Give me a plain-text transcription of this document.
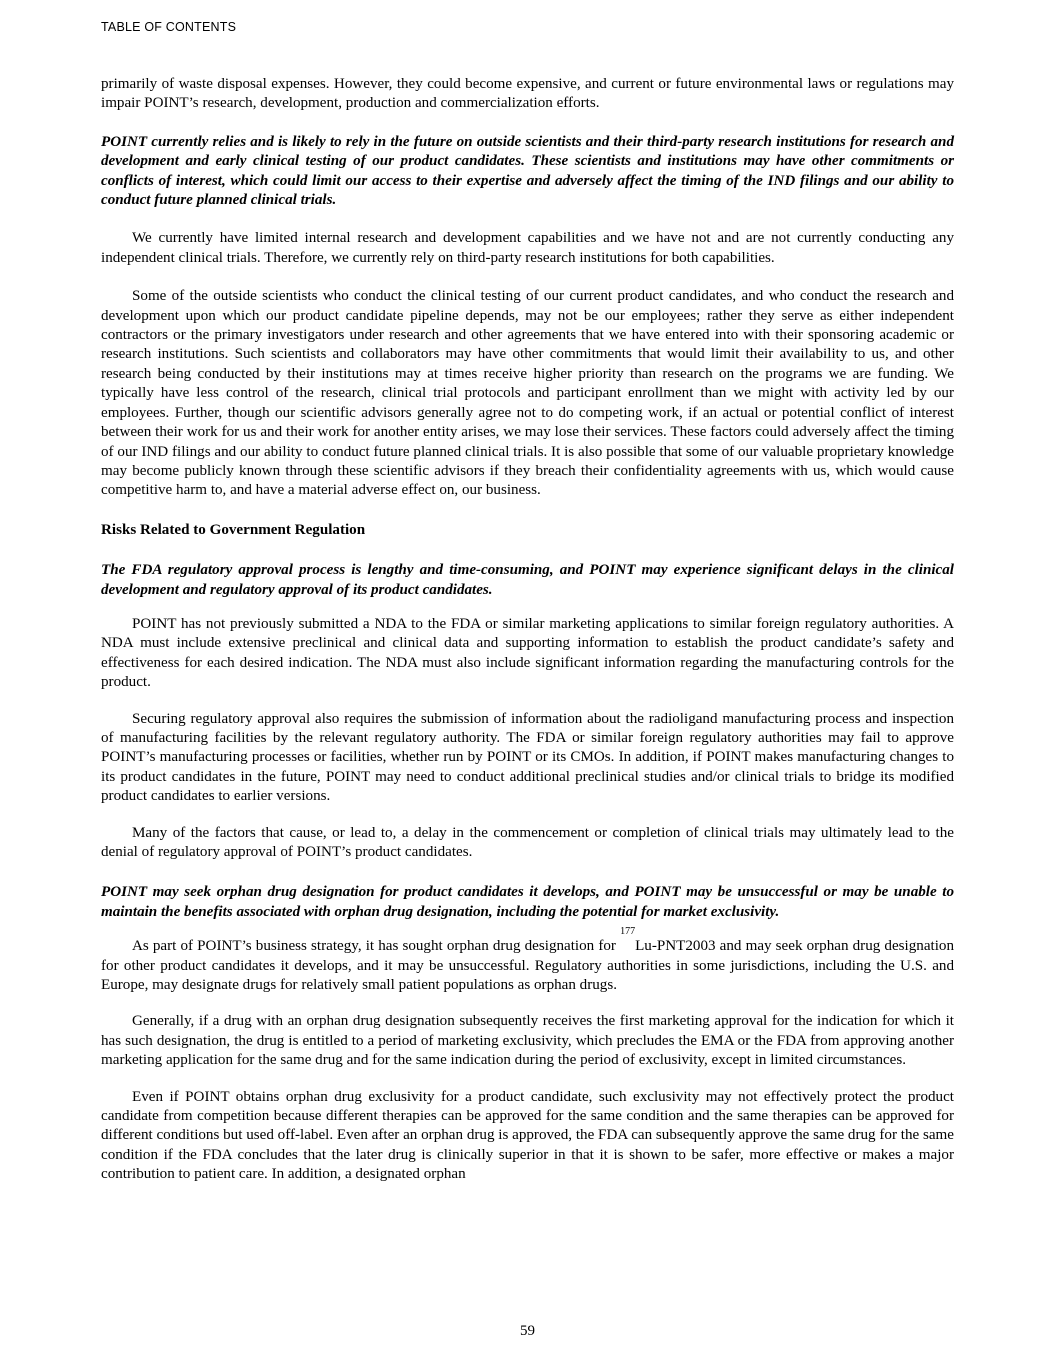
TABLE OF CONTENTS

primarily of waste disposal expenses. However, they could become expensive, and current or future environmental laws or regulations may impair POINT’s research, development, production and commercialization efforts.

POINT currently relies and is likely to rely in the future on outside scientists and their third-party research institutions for research and development and early clinical testing of our product candidates. These scientists and institutions may have other commitments or conflicts of interest, which could limit our access to their expertise and adversely affect the timing of the IND filings and our ability to conduct future planned clinical trials.

We currently have limited internal research and development capabilities and we have not and are not currently conducting any independent clinical trials. Therefore, we currently rely on third-party research institutions for both capabilities.

Some of the outside scientists who conduct the clinical testing of our current product candidates, and who conduct the research and development upon which our product candidate pipeline depends, may not be our employees; rather they serve as either independent contractors or the primary investigators under research and other agreements that we have entered into with their sponsoring academic or research institutions. Such scientists and collaborators may have other commitments that would limit their availability to us, and other research being conducted by their institutions may at times receive higher priority than research on the programs we are funding. We typically have less control of the research, clinical trial protocols and participant enrollment than we might with activity led by our employees. Further, though our scientific advisors generally agree not to do competing work, if an actual or potential conflict of interest between their work for us and their work for another entity arises, we may lose their services. These factors could adversely affect the timing of our IND filings and our ability to conduct future planned clinical trials. It is also possible that some of our valuable proprietary knowledge may become publicly known through these scientific advisors if they breach their confidentiality agreements with us, which would cause competitive harm to, and have a material adverse effect on, our business.

Risks Related to Government Regulation

The FDA regulatory approval process is lengthy and time-consuming, and POINT may experience significant delays in the clinical development and regulatory approval of its product candidates.

POINT has not previously submitted a NDA to the FDA or similar marketing applications to similar foreign regulatory authorities. A NDA must include extensive preclinical and clinical data and supporting information to establish the product candidate’s safety and effectiveness for each desired indication. The NDA must also include significant information regarding the manufacturing controls for the product.

Securing regulatory approval also requires the submission of information about the radioligand manufacturing process and inspection of manufacturing facilities by the relevant regulatory authority. The FDA or similar foreign regulatory authorities may fail to approve POINT’s manufacturing processes or facilities, whether run by POINT or its CMOs. In addition, if POINT makes manufacturing changes to its product candidates in the future, POINT may need to conduct additional preclinical studies and/or clinical trials to bridge its modified product candidates to earlier versions.

Many of the factors that cause, or lead to, a delay in the commencement or completion of clinical trials may ultimately lead to the denial of regulatory approval of POINT’s product candidates.

POINT may seek orphan drug designation for product candidates it develops, and POINT may be unsuccessful or may be unable to maintain the benefits associated with orphan drug designation, including the potential for market exclusivity.

As part of POINT’s business strategy, it has sought orphan drug designation for $^{177}$Lu-PNT2003 and may seek orphan drug designation for other product candidates it develops, and it may be unsuccessful. Regulatory authorities in some jurisdictions, including the U.S. and Europe, may designate drugs for relatively small patient populations as orphan drugs.

Generally, if a drug with an orphan drug designation subsequently receives the first marketing approval for the indication for which it has such designation, the drug is entitled to a period of marketing exclusivity, which precludes the EMA or the FDA from approving another marketing application for the same drug and for the same indication during the period of exclusivity, except in limited circumstances.

Even if POINT obtains orphan drug exclusivity for a product candidate, such exclusivity may not effectively protect the product candidate from competition because different therapies can be approved for the same condition and the same therapies can be approved for different conditions but used off-label. Even after an orphan drug is approved, the FDA can subsequently approve the same drug for the same condition if the FDA concludes that the later drug is clinically superior in that it is shown to be safer, more effective or makes a major contribution to patient care. In addition, a designated orphan

59
